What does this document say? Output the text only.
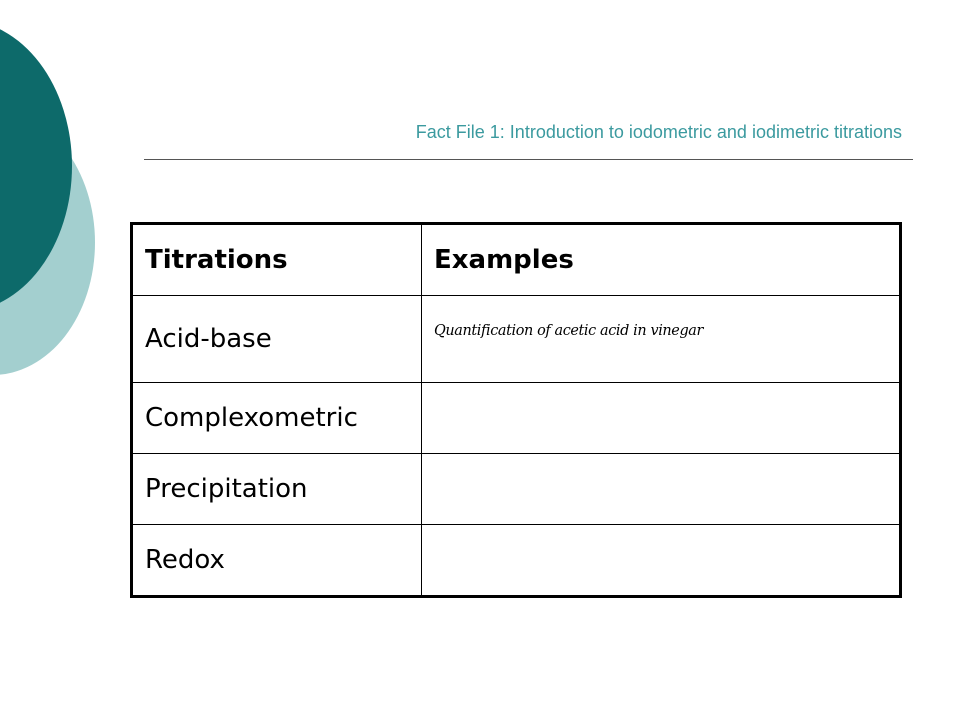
Fact File 1: Introduction to iodometric and iodimetric titrations
Titrations	Examples
Acid-base	Quantification of acetic acid in vinegar
Complexometric	
Precipitation	
Redox	
